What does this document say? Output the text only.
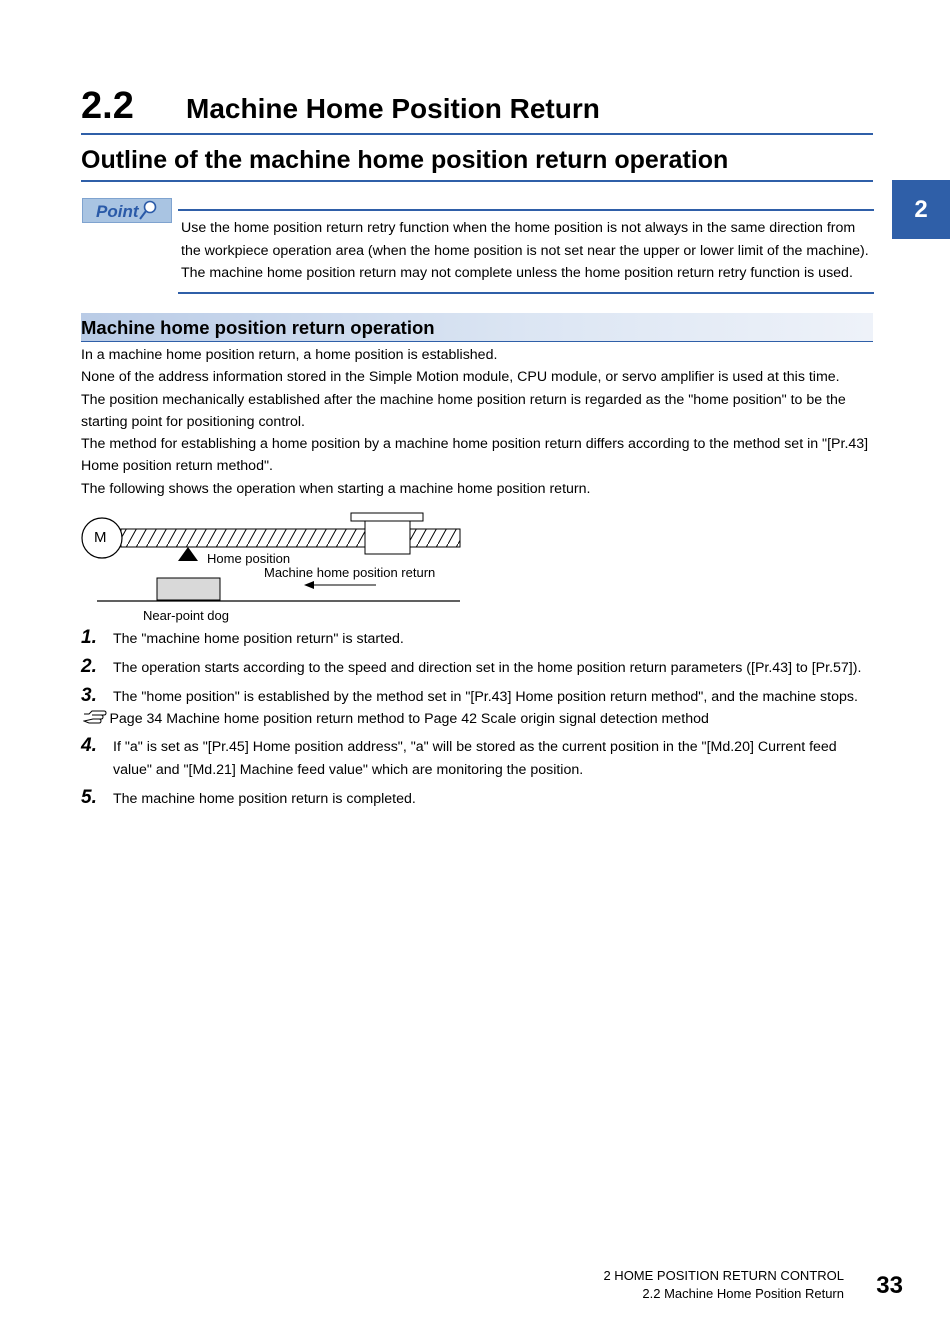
2.2 Machine Home Position Return
Outline of the machine home position return operation
2
Point
Use the home position return retry function when the home position is not always in the same direction from
the workpiece operation area (when the home position is not set near the upper or lower limit of the machine).
The machine home position return may not complete unless the home position return retry function is used.
Machine home position return operation
In a machine home position return, a home position is established.
None of the address information stored in the Simple Motion module, CPU module, or servo amplifier is used at this time.
The position mechanically established after the machine home position return is regarded as the "home position" to be the
starting point for positioning control.
The method for establishing a home position by a machine home position return differs according to the method set in "[Pr.43]
Home position return method".
The following shows the operation when starting a machine home position return.
M
Home position
Machine home position return
Near-point dog
1. The "machine home position return" is started.
2. The operation starts according to the speed and direction set in the home position return parameters ([Pr.43] to [Pr.57]).
3. The "home position" is established by the method set in "[Pr.43] Home position return method", and the machine stops.
Page 34 Machine home position return method to Page 42 Scale origin signal detection method
4. If "a" is set as "[Pr.45] Home position address", "a" will be stored as the current position in the "[Md.20] Current feed
value" and "[Md.21] Machine feed value" which are monitoring the position.
5. The machine home position return is completed.
2 HOME POSITION RETURN CONTROL
2.2 Machine Home Position Return 33
